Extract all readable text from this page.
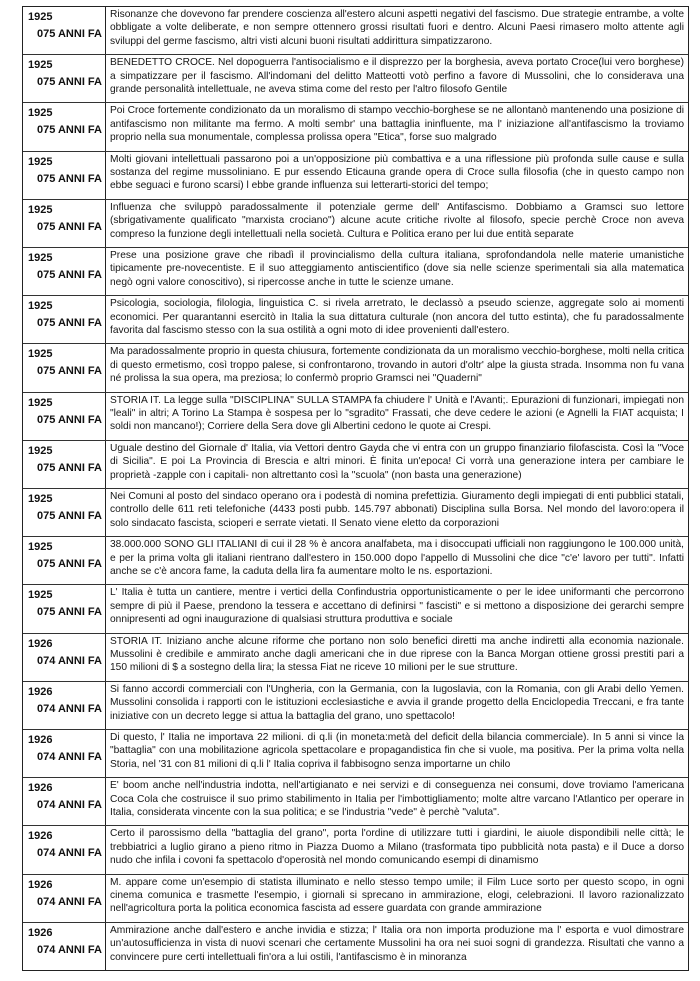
1925
075 ANNI FA
Risonanze che dovevono far prendere coscienza all'estero alcuni aspetti negativi del fascismo. Due strategie entrambe, a volte obbligate a volte deliberate, e non sempre ottennero grossi risultati fuori e dentro. Alcuni Paesi rimasero molto attente agli sviluppi del germe fascismo, altri visti alcuni buoni risultati addirittura simpatizzarono.
1925
075 ANNI FA
BENEDETTO CROCE. Nel dopoguerra l'antisocialismo e il disprezzo per la borghesia, aveva portato Croce(lui vero borghese) a simpatizzare per il fascismo. All'indomani del delitto Matteotti votò perfino a favore di Mussolini, che lo considerava una grande personalità intellettuale, ne aveva stima come del resto per l'altro filosofo Gentile
1925
075 ANNI FA
Poi Croce fortemente condizionato da un moralismo di stampo vecchio-borghese se ne allontanò mantenendo una posizione di antifascismo non militante ma fermo. A molti sembr' una battaglia ininfluente, ma l' iniziazione all'antifascismo la troviamo proprio nella sua monumentale, complessa prolissa opera "Etica", forse suo malgrado
1925
075 ANNI FA
Molti giovani intellettuali passarono poi a un'opposizione più combattiva e a una riflessione più profonda sulle cause e sulla sostanza del regime mussoliniano. E pur essendo Eticauna grande opera di Croce sulla filosofia (che in questo campo non ebbe seguaci e furono scarsi) l ebbe grande influenza sui letterarti-storici del tempo;
1925
075 ANNI FA
Influenza che sviluppò paradossalmente il potenziale germe dell' Antifascismo. Dobbiamo a Gramsci suo lettore (sbrigativamente qualificato "marxista crociano") alcune acute critiche rivolte al filosofo, specie perchè Croce non aveva compreso la funzione degli intellettuali nella società. Cultura e Politica erano per lui due entità separate
1925
075 ANNI FA
Prese una posizione grave che ribadì il provincialismo della cultura italiana, sprofondandola nelle materie umanistiche tipicamente pre-novecentiste. E il suo atteggiamento antiscientifico (dove sia nelle scienze sperimentali sia alla matematica negò ogni valore conoscitivo), si ripercosse anche in tutte le scienze umane.
1925
075 ANNI FA
Psicologia, sociologia, filologia, linguistica C. si rivela arretrato, le declassò a pseudo scienze, aggregate solo ai momenti economici. Per quarantanni esercitò in Italia la sua dittatura culturale (non ancora del tutto estinta), che fu paradossalmente favorita dal fascismo stesso con la sua ostilità a ogni moto di idee provenienti dall'estero.
1925
075 ANNI FA
Ma paradossalmente proprio in questa chiusura, fortemente condizionata da un moralismo vecchio-borghese, molti nella critica di questo ermetismo, così troppo palese, si confrontarono, trovando in autori d'oltr' alpe la giusta strada. Insomma non fu vana né prolissa la sua opera, ma preziosa; lo confermò proprio Gramsci nei "Quaderni"
1925
075 ANNI FA
STORIA IT. La legge sulla "DISCIPLINA" SULLA STAMPA fa chiudere l' Unità e l'Avanti;. Epurazioni di funzionari, impiegati non "leali" in altri; A Torino La Stampa è sospesa per lo "sgradito" Frassati, che deve cedere le azioni (e Agnelli la FIAT acquista; I soldi non mancano!); Corriere della Sera dove gli Albertini cedono le quote ai Crespi.
1925
075 ANNI FA
Uguale destino del Giornale d' Italia, via Vettori dentro Gayda che vi entra con un gruppo finanziario filofascista. Così la "Voce di Sicilia". E poi La Provincia di Brescia e altri minori. È finita un'epoca! Ci vorrà una generazione intera per cambiare le proprietà -zapple con i capitali- non altrettanto così la "scuola" (non basta una generazione)
1925
075 ANNI FA
Nei Comuni al posto del sindaco operano ora i podestà di nomina prefettizia. Giuramento degli impiegati di enti pubblici statali, controllo delle 611 reti telefoniche (4433 posti pubb. 145.797 abbonati) Disciplina sulla Borsa. Nel mondo del lavoro:opera il solo sindacato fascista, scioperi e serrate vietati. Il Senato viene eletto da corporazioni
1925
075 ANNI FA
38.000.000 SONO GLI ITALIANI di cui il 28 % è ancora analfabeta, ma i disoccupati ufficiali non raggiungono le 100.000 unità, e per la prima volta gli italiani rientrano dall'estero in 150.000 dopo l'appello di Mussolini che dice "c'e' lavoro per tutti". Infatti anche se c'è ancora fame, la caduta della lira fa aumentare molto le ns. esportazioni.
1925
075 ANNI FA
L' Italia è tutta un cantiere, mentre i vertici della Confindustria opportunisticamente o per le idee uniformanti che percorrono sempre di più il Paese, prendono la tessera e accettano di definirsi " fascisti" e si mettono a disposizione dei gerarchi sempre onnipresenti ad ogni inaugurazione di qualsiasi struttura produttiva e sociale
1926
074 ANNI FA
STORIA IT. Iniziano anche alcune riforme che portano non solo benefici diretti ma anche indiretti alla economia nazionale. Mussolini è credibile e ammirato anche dagli americani che in due riprese con la Banca Morgan ottiene grossi prestiti pari a 150 milioni di $ a sostegno della lira; la stessa Fiat ne riceve 10 milioni per le sue strutture.
1926
074 ANNI FA
Si fanno accordi commerciali con l'Ungheria, con la Germania, con la Iugoslavia, con la Romania, con gli Arabi dello Yemen. Mussolini consolida i rapporti con le istituzioni ecclesiastiche e avvia il grande progetto della Enciclopedia Treccani, e fra tante iniziative con un decreto legge si attua la battaglia del grano, uno spettacolo!
1926
074 ANNI FA
Di questo, l' Italia ne importava 22 milioni. di q.li (in moneta:metà del deficit della bilancia commerciale). In 5 anni si vince la "battaglia" con una mobilitazione agricola spettacolare e propagandistica fin che si vuole, ma positiva. Per la prima volta nella Storia, nel '31 con 81 milioni di q.li l' Italia copriva il fabbisogno senza importarne un chilo
1926
074 ANNI FA
E' boom anche nell'industria indotta, nell'artigianato e nei servizi e di conseguenza nei consumi, dove troviamo l'americana Coca Cola che costruisce il suo primo stabilimento in Italia per l'imbottigliamento; molte altre varcano l'Atlantico per operare in Italia, considerata vincente con la sua politica; e se l'industria "vede" è perchè "valuta".
1926
074 ANNI FA
Certo il parossismo della "battaglia del grano", porta l'ordine di utilizzare tutti i giardini, le aiuole dispondibili nelle città; le trebbiatrici a luglio girano a pieno ritmo in Piazza Duomo a Milano (trasformata tipo pubblicità nota pasta) e il Duce a dorso nudo che infila i covoni fa spettacolo d'operosità nel mondo comunicando esempi di dinamismo
1926
074 ANNI FA
M. appare come un'esempio di statista illuminato e nello stesso tempo umile; il Film Luce sorto per questo scopo, in ogni cinema comunica e trasmette l'esempio, i giornali si sprecano in ammirazione, elogi, celebrazioni. Il lavoro razionalizzato nell'agricoltura porta la politica economica fascista ad essere guardata con grande ammirazione
1926
074 ANNI FA
Ammirazione anche dall'estero e anche invidia e stizza; l' Italia ora non importa produzione ma l' esporta e vuol dimostrare un'autosufficienza in vista di nuovi scenari che certamente Mussolini ha ora nei suoi sogni di grandezza. Risultati che vanno a convincere pure certi intellettuali fin'ora a lui ostili, l'antifascismo è in minoranza
